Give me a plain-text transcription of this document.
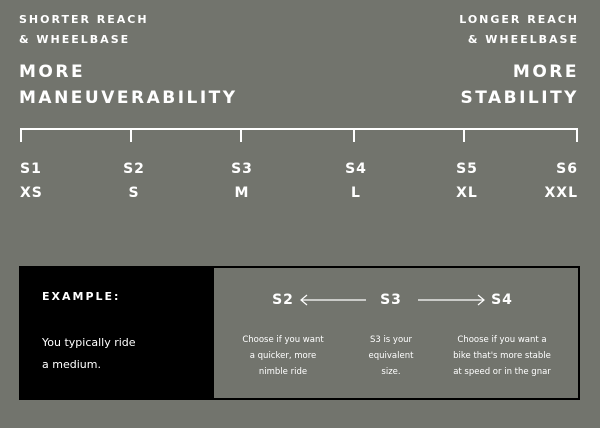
SHORTER REACH
& WHEELBASE
MORE
MANEUVERABILITY
LONGER REACH
& WHEELBASE
MORE
STABILITY
S1	S2	S3	S4	S5	S6
XS	S	M	L	XL	XXL
EXAMPLE:
You typically ride
a medium.
S2	S3	S4
Choose if you want
a quicker, more
nimble ride
S3 is your
equivalent
size.
Choose if you want a
bike that's more stable
at speed or in the gnar
